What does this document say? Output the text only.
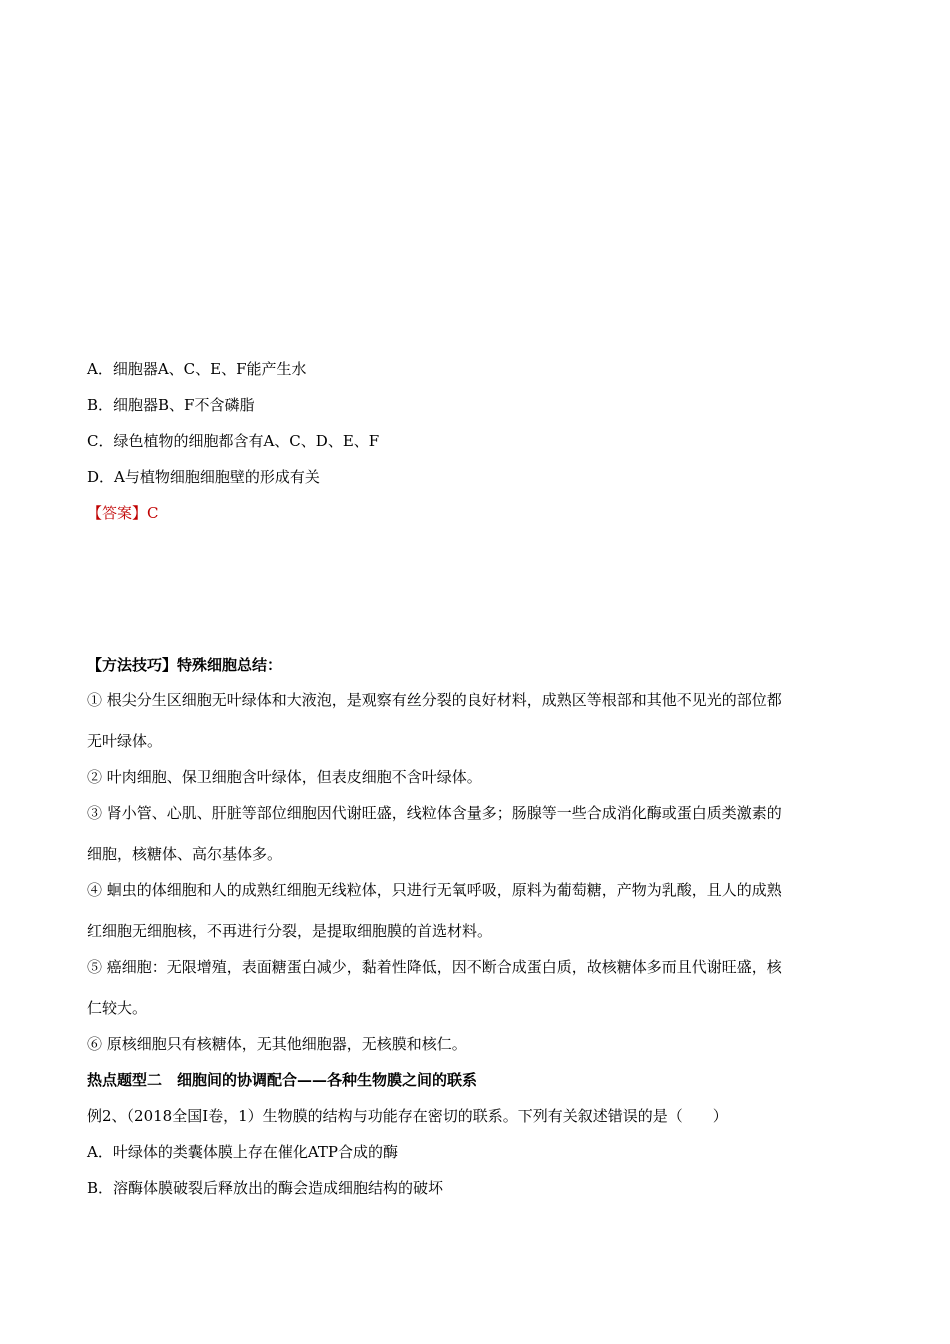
A．细胞器A、C、E、F能产生水
B．细胞器B、F不含磷脂
C．绿色植物的细胞都含有A、C、D、E、F
D．A与植物细胞细胞壁的形成有关
【答案】C
【方法技巧】特殊细胞总结：
① 根尖分生区细胞无叶绿体和大液泡，是观察有丝分裂的良好材料，成熟区等根部和其他不见光的部位都
无叶绿体。
② 叶肉细胞、保卫细胞含叶绿体，但表皮细胞不含叶绿体。
③ 肾小管、心肌、肝脏等部位细胞因代谢旺盛，线粒体含量多；肠腺等一些合成消化酶或蛋白质类激素的
细胞，核糖体、高尔基体多。
④ 蛔虫的体细胞和人的成熟红细胞无线粒体，只进行无氧呼吸，原料为葡萄糖，产物为乳酸，且人的成熟
红细胞无细胞核，不再进行分裂，是提取细胞膜的首选材料。
⑤ 癌细胞：无限增殖，表面糖蛋白减少，黏着性降低，因不断合成蛋白质，故核糖体多而且代谢旺盛，核
仁较大。
⑥ 原核细胞只有核糖体，无其他细胞器，无核膜和核仁。
热点题型二　细胞间的协调配合——各种生物膜之间的联系
例2、（2018全国Ⅰ卷，1）生物膜的结构与功能存在密切的联系。下列有关叙述错误的是（　　）
A．叶绿体的类囊体膜上存在催化ATP合成的酶
B．溶酶体膜破裂后释放出的酶会造成细胞结构的破坏
